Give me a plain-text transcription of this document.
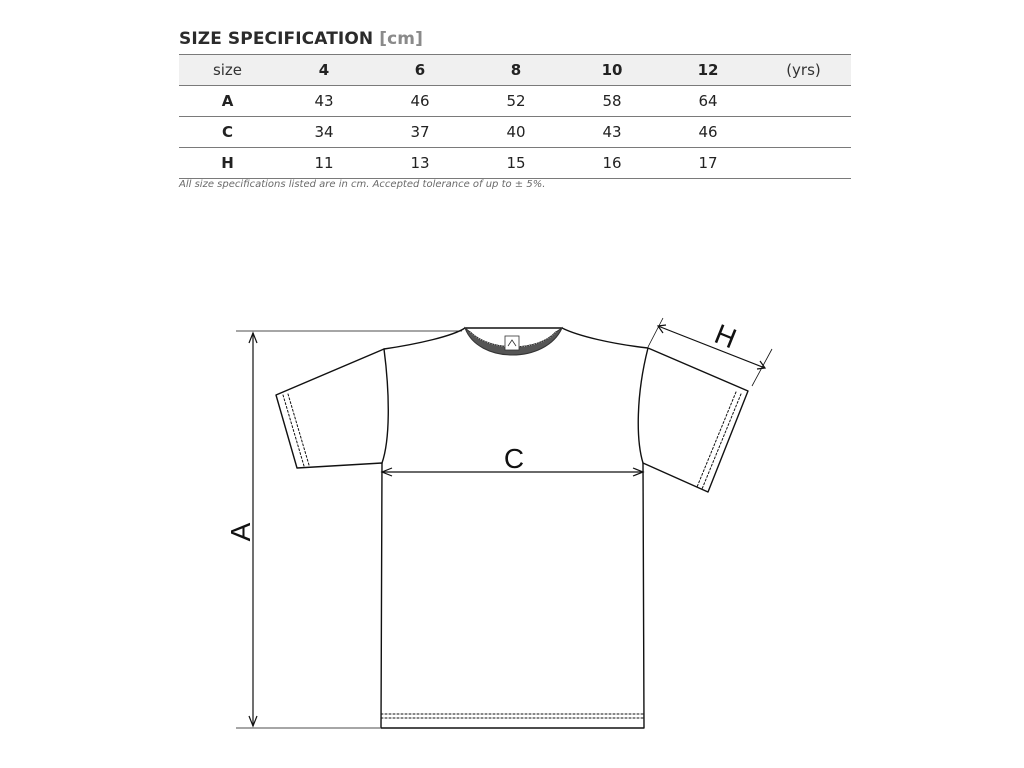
SIZE SPECIFICATION [cm]
size	4	6	8	10	12	(yrs)
A	43	46	52	58	64	
C	34	37	40	43	46	
H	11	13	15	16	17	
All size specifications listed are in cm. Accepted tolerance of up to ± 5%.
A
C
H
